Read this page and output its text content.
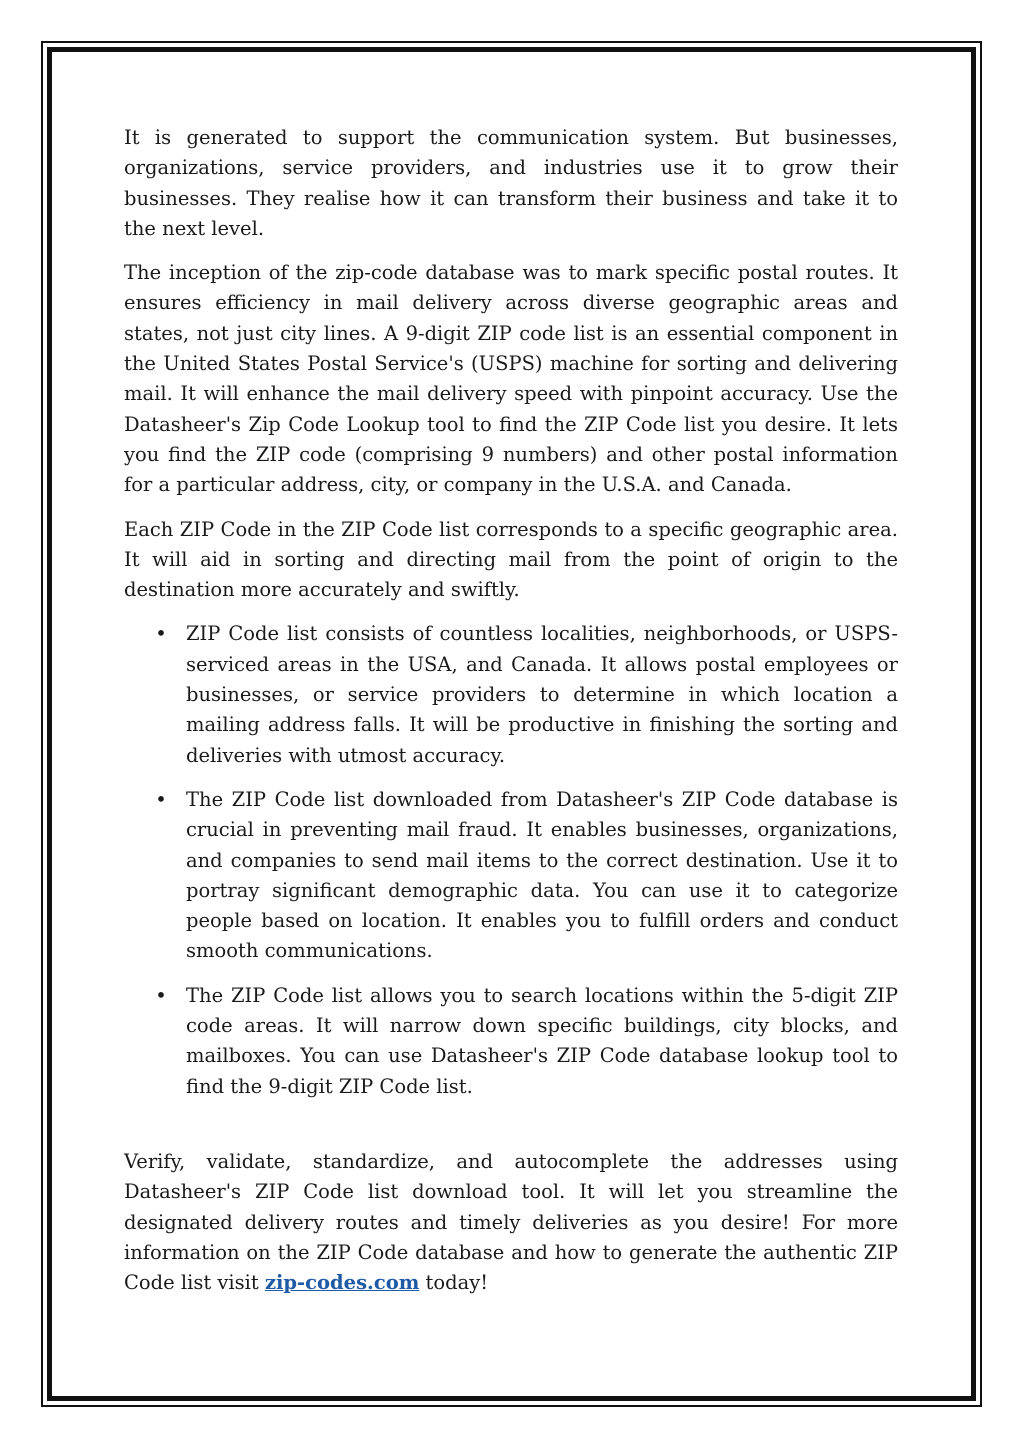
It is generated to support the communication system. But businesses, organizations, service providers, and industries use it to grow their businesses. They realise how it can transform their business and take it to the next level.

The inception of the zip-code database was to mark specific postal routes. It ensures efficiency in mail delivery across diverse geographic areas and states, not just city lines. A 9-digit ZIP code list is an essential component in the United States Postal Service's (USPS) machine for sorting and delivering mail. It will enhance the mail delivery speed with pinpoint accuracy. Use the Datasheer's Zip Code Lookup tool to find the ZIP Code list you desire. It lets you find the ZIP code (comprising 9 numbers) and other postal information for a particular address, city, or company in the U.S.A. and Canada.

Each ZIP Code in the ZIP Code list corresponds to a specific geographic area. It will aid in sorting and directing mail from the point of origin to the destination more accurately and swiftly.

• ZIP Code list consists of countless localities, neighborhoods, or USPS-serviced areas in the USA, and Canada. It allows postal employees or businesses, or service providers to determine in which location a mailing address falls. It will be productive in finishing the sorting and deliveries with utmost accuracy.
• The ZIP Code list downloaded from Datasheer's ZIP Code database is crucial in preventing mail fraud. It enables businesses, organizations, and companies to send mail items to the correct destination. Use it to portray significant demographic data. You can use it to categorize people based on location. It enables you to fulfill orders and conduct smooth communications.
• The ZIP Code list allows you to search locations within the 5-digit ZIP code areas. It will narrow down specific buildings, city blocks, and mailboxes. You can use Datasheer's ZIP Code database lookup tool to find the 9-digit ZIP Code list.

Verify, validate, standardize, and autocomplete the addresses using Datasheer's ZIP Code list download tool. It will let you streamline the designated delivery routes and timely deliveries as you desire! For more information on the ZIP Code database and how to generate the authentic ZIP Code list visit zip-codes.com today!
